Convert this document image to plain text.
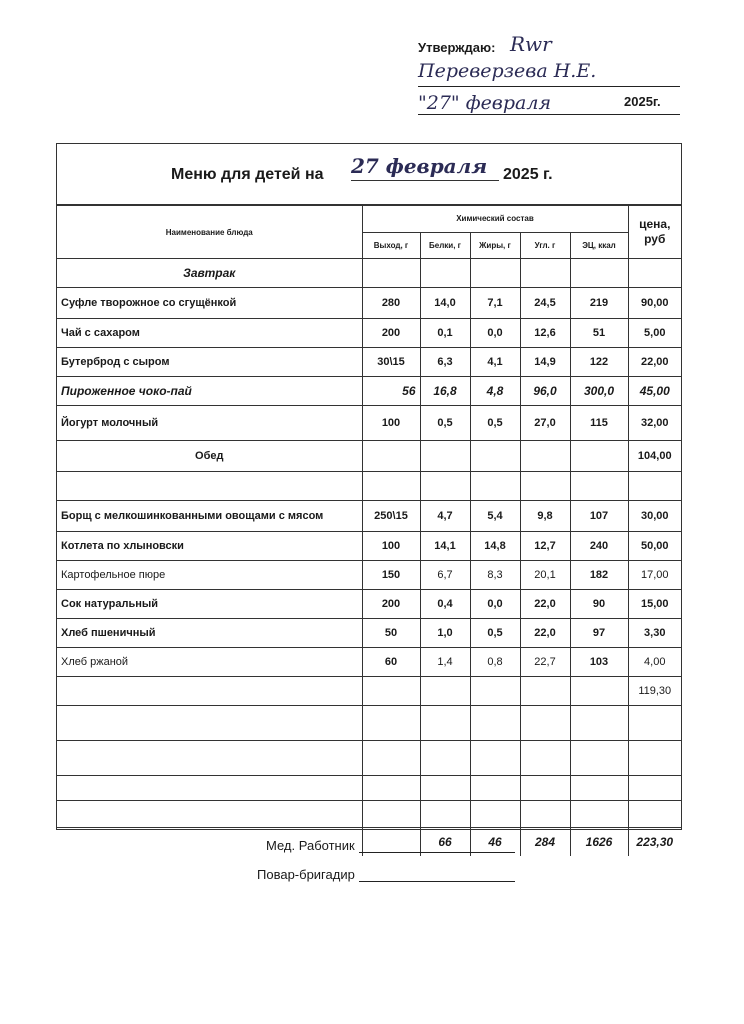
Утверждаю: Rwr
Переверзева Н.Е.
"27" февраля	2025г.
Меню для детей на 27 февраля 2025 г.
Наименование блюда	Химический состав					цена, руб
	Выход, г	Белки, г	Жиры, г	Угл. г	ЭЦ, ккал	
Завтрак						
Суфле творожное со сгущёнкой	280	14,0	7,1	24,5	219	90,00
Чай с сахаром	200	0,1	0,0	12,6	51	5,00
Бутерброд с сыром	30\15	6,3	4,1	14,9	122	22,00
Пироженное чоко-пай	56	16,8	4,8	96,0	300,0	45,00
Йогурт молочный	100	0,5	0,5	27,0	115	32,00
Обед						104,00

Борщ с мелкошинкованными овощами с мясом	250\15	4,7	5,4	9,8	107	30,00
Котлета по хлыновски	100	14,1	14,8	12,7	240	50,00
Картофельное пюре	150	6,7	8,3	20,1	182	17,00
Сок натуральный	200	0,4	0,0	22,0	90	15,00
Хлеб пшеничный	50	1,0	0,5	22,0	97	3,30
Хлеб ржаной	60	1,4	0,8	22,7	103	4,00
						119,30

		66	46	284	1626	223,30
Мед. Работник
Повар-бригадир
